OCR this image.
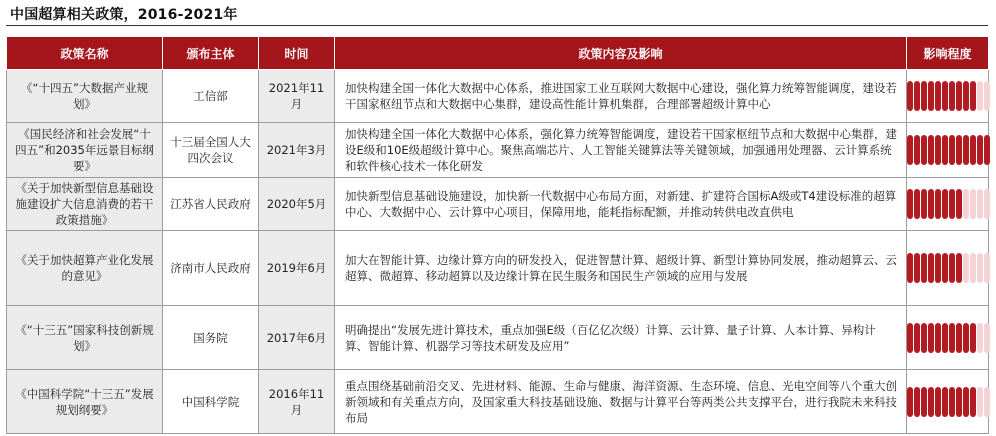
中国超算相关政策，2016-2021年
政策名称	颁布主体	时间	政策内容及影响	影响程度
《“十四五”大数据产业规划》	工信部	2021年11月	加快构建全国一体化大数据中心体系，推进国家工业互联网大数据中心建设，强化算力统筹智能调度，建设若干国家枢纽节点和大数据中心集群，建设高性能计算机集群，合理部署超级计算中心	

《国民经济和社会发展“十四五”和2035年远景目标纲要》	十三届全国人大四次会议	2021年3月	加快构建全国一体化大数据中心体系，强化算力统筹智能调度，建设若干国家枢纽节点和大数据中心集群，建设E级和10E级超级计算中心。聚焦高端芯片、人工智能关键算法等关键领域，加强通用处理器、云计算系统和软件核心技术一体化研发	

《关于加快新型信息基础设施建设扩大信息消费的若干政策措施》	江苏省人民政府	2020年5月	加快新型信息基础设施建设，加快新一代数据中心布局方面，对新建、扩建符合国标A级或T4建设标准的超算中心、大数据中心、云计算中心项目，保障用地，能耗指标配额，并推动转供电改直供电	

《关于加快超算产业化发展的意见》	济南市人民政府	2019年6月	加大在智能计算、边缘计算方向的研发投入，促进智慧计算、超级计算、新型计算协同发展，推动超算云、云超算、微超算、移动超算以及边缘计算在民生服务和国民生产领域的应用与发展	

《“十三五”国家科技创新规划》	国务院	2017年6月	明确提出“发展先进计算技术，重点加强E级（百亿亿次级）计算、云计算、量子计算、人本计算、异构计算、智能计算、机器学习等技术研发及应用”	

《中国科学院“十三五”发展规划纲要》	中国科学院	2016年11月	重点围绕基础前沿交叉、先进材料、能源、生命与健康、海洋资源、生态环境、信息、光电空间等八个重大创新领域和有关重点方向，及国家重大科技基础设施、数据与计算平台等两类公共支撑平台，进行我院未来科技布局	
